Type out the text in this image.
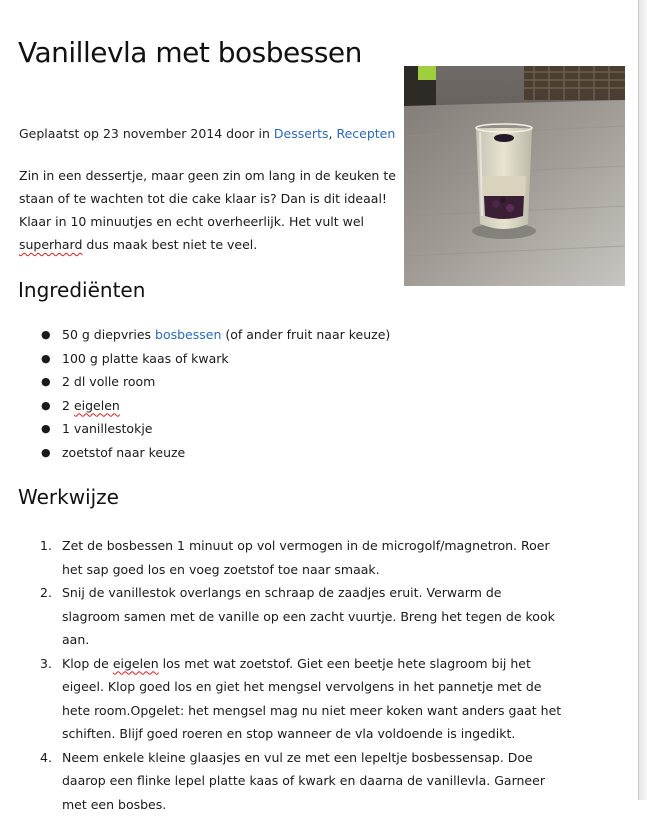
Vanillevla met bosbessen
Geplaatst op 23 november 2014 door in Desserts, Recepten

Zin in een dessertje, maar geen zin om lang in de keuken te staan of te wachten tot die cake klaar is? Dan is dit ideaal! Klaar in 10 minuutjes en echt overheerlijk. Het vult wel superhard dus maak best niet te veel.

Ingrediënten
● 50 g diepvries bosbessen (of ander fruit naar keuze)
● 100 g platte kaas of kwark
● 2 dl volle room
● 2 eigelen
● 1 vanillestokje
● zoetstof naar keuze
Werkwijze
1. Zet de bosbessen 1 minuut op vol vermogen in de microgolf/magnetron. Roer het sap goed los en voeg zoetstof toe naar smaak.
2. Snij de vanillestok overlangs en schraap de zaadjes eruit. Verwarm de slagroom samen met de vanille op een zacht vuurtje. Breng het tegen de kook aan.
3. Klop de eigelen los met wat zoetstof. Giet een beetje hete slagroom bij het eigeel. Klop goed los en giet het mengsel vervolgens in het pannetje met de hete room.Opgelet: het mengsel mag nu niet meer koken want anders gaat het schiften. Blijf goed roeren en stop wanneer de vla voldoende is ingedikt.
4. Neem enkele kleine glaasjes en vul ze met een lepeltje bosbessensap. Doe daarop een flinke lepel platte kaas of kwark en daarna de vanillevla. Garneer met een bosbes.
